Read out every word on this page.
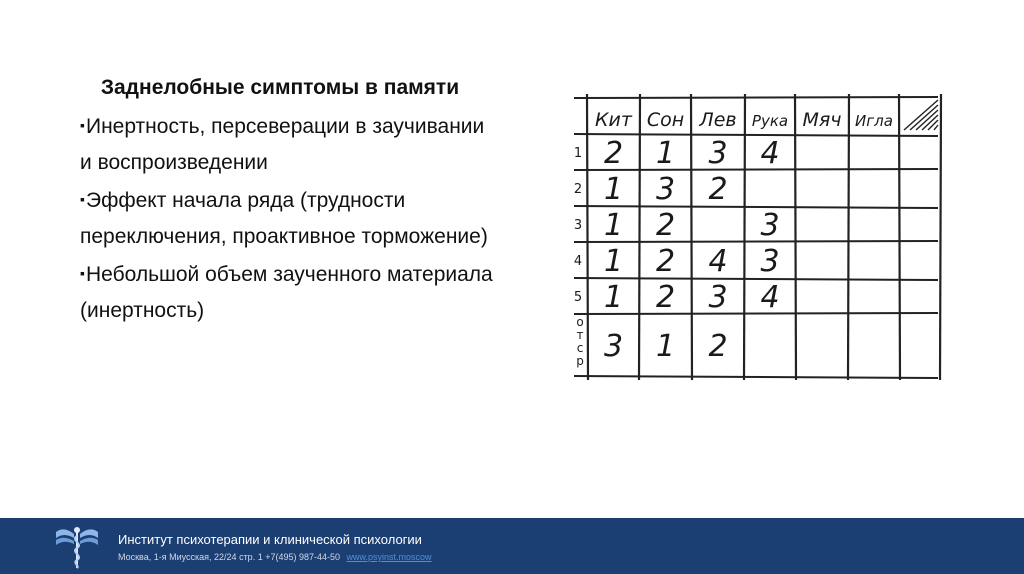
Заднелобные симптомы в памяти
▪Инертность, персеверации в заучивании и воспроизведении
▪Эффект начала ряда (трудности переключения, проактивное торможение)
▪Небольшой объем заученного материала (инертность)
Кит Сон Лев Рука Мяч Игла
1 2 1 3 4
2 1 3 2
3 1 2	3
4 1 2 4 3
5 1 2 3 4
о
т
с
р 3 1 2
Институт психотерапии и клинической психологии
Москва, 1-я Миусская, 22/24 стр. 1 +7(495) 987-44-50 www.psyinst.moscow
